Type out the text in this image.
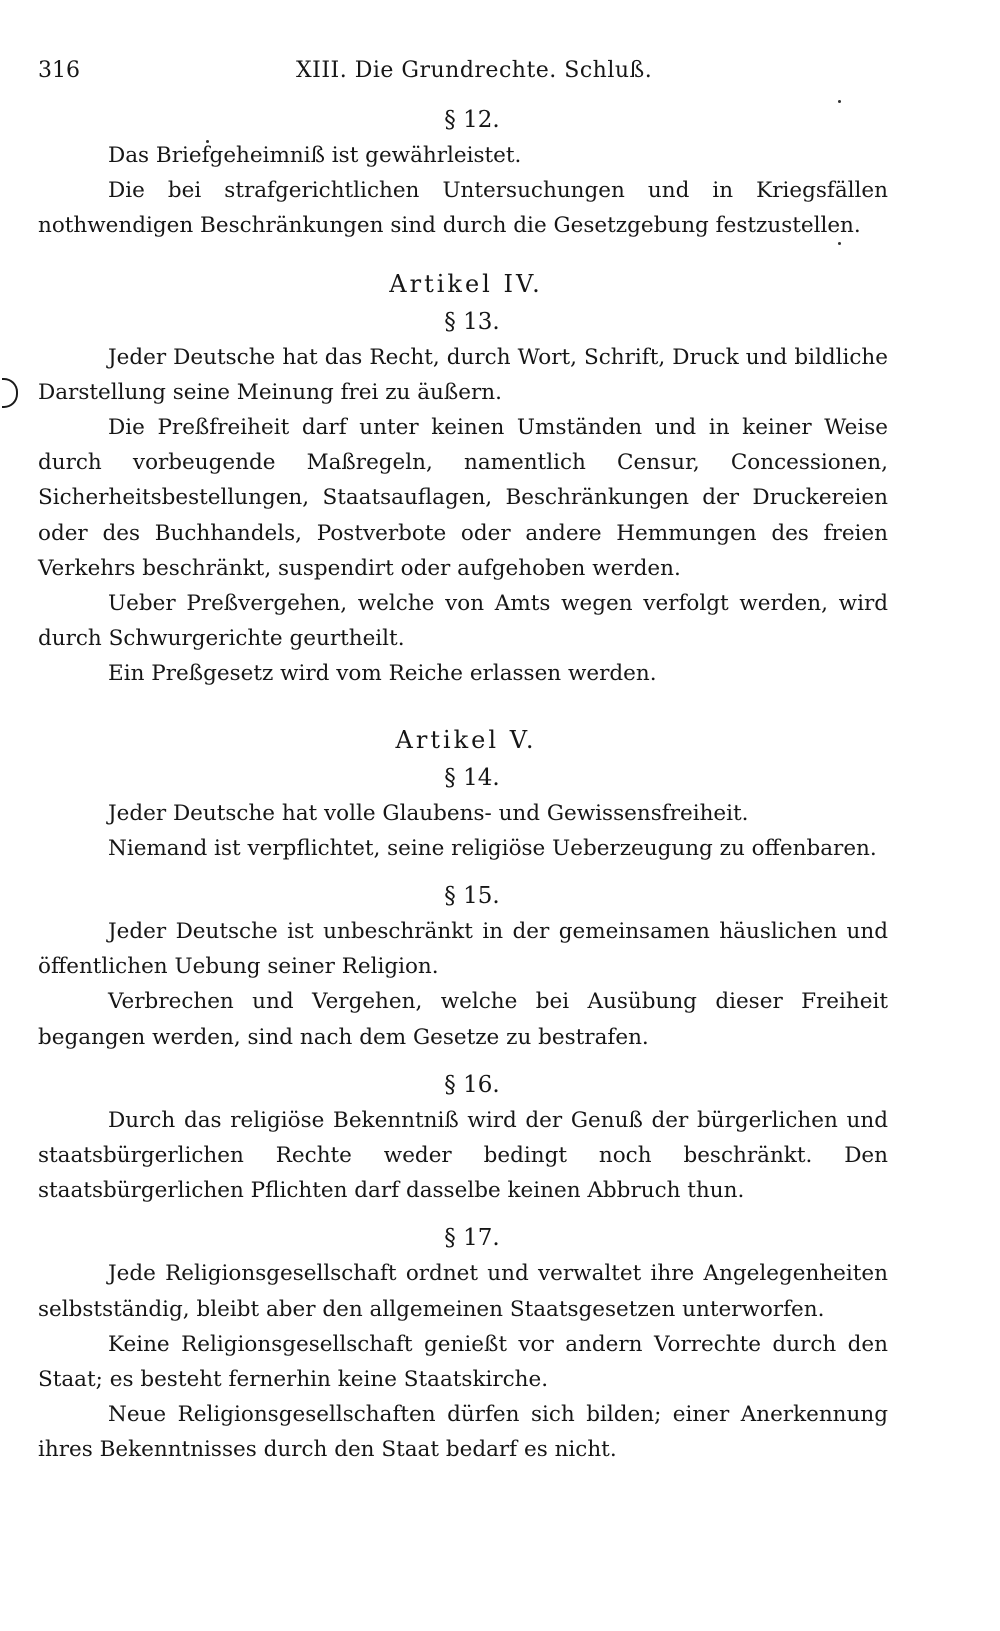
316	XIII. Die Grundrechte. Schluß.
§ 12.

Das Briefgeheimniß ist gewährleistet.

Die bei strafgerichtlichen Untersuchungen und in Kriegsfällen nothwendigen Beschränkungen sind durch die Gesetzgebung festzustellen.

Artikel IV.
§ 13.

Jeder Deutsche hat das Recht, durch Wort, Schrift, Druck und bildliche Darstellung seine Meinung frei zu äußern.

Die Preßfreiheit darf unter keinen Umständen und in keiner Weise durch vorbeugende Maßregeln, namentlich Censur, Concessionen, Sicherheitsbestellungen, Staatsauflagen, Beschränkungen der Druckereien oder des Buchhandels, Postverbote oder andere Hemmungen des freien Verkehrs beschränkt, suspendirt oder aufgehoben werden.

Ueber Preßvergehen, welche von Amts wegen verfolgt werden, wird durch Schwurgerichte geurtheilt.

Ein Preßgesetz wird vom Reiche erlassen werden.

Artikel V.
§ 14.

Jeder Deutsche hat volle Glaubens- und Gewissensfreiheit.

Niemand ist verpflichtet, seine religiöse Ueberzeugung zu offenbaren.

§ 15.

Jeder Deutsche ist unbeschränkt in der gemeinsamen häuslichen und öffentlichen Uebung seiner Religion.

Verbrechen und Vergehen, welche bei Ausübung dieser Freiheit begangen werden, sind nach dem Gesetze zu bestrafen.

§ 16.

Durch das religiöse Bekenntniß wird der Genuß der bürgerlichen und staatsbürgerlichen Rechte weder bedingt noch beschränkt. Den staatsbürgerlichen Pflichten darf dasselbe keinen Abbruch thun.

§ 17.

Jede Religionsgesellschaft ordnet und verwaltet ihre Angelegenheiten selbstständig, bleibt aber den allgemeinen Staatsgesetzen unterworfen.

Keine Religionsgesellschaft genießt vor andern Vorrechte durch den Staat; es besteht fernerhin keine Staatskirche.

Neue Religionsgesellschaften dürfen sich bilden; einer Anerkennung ihres Bekenntnisses durch den Staat bedarf es nicht.
